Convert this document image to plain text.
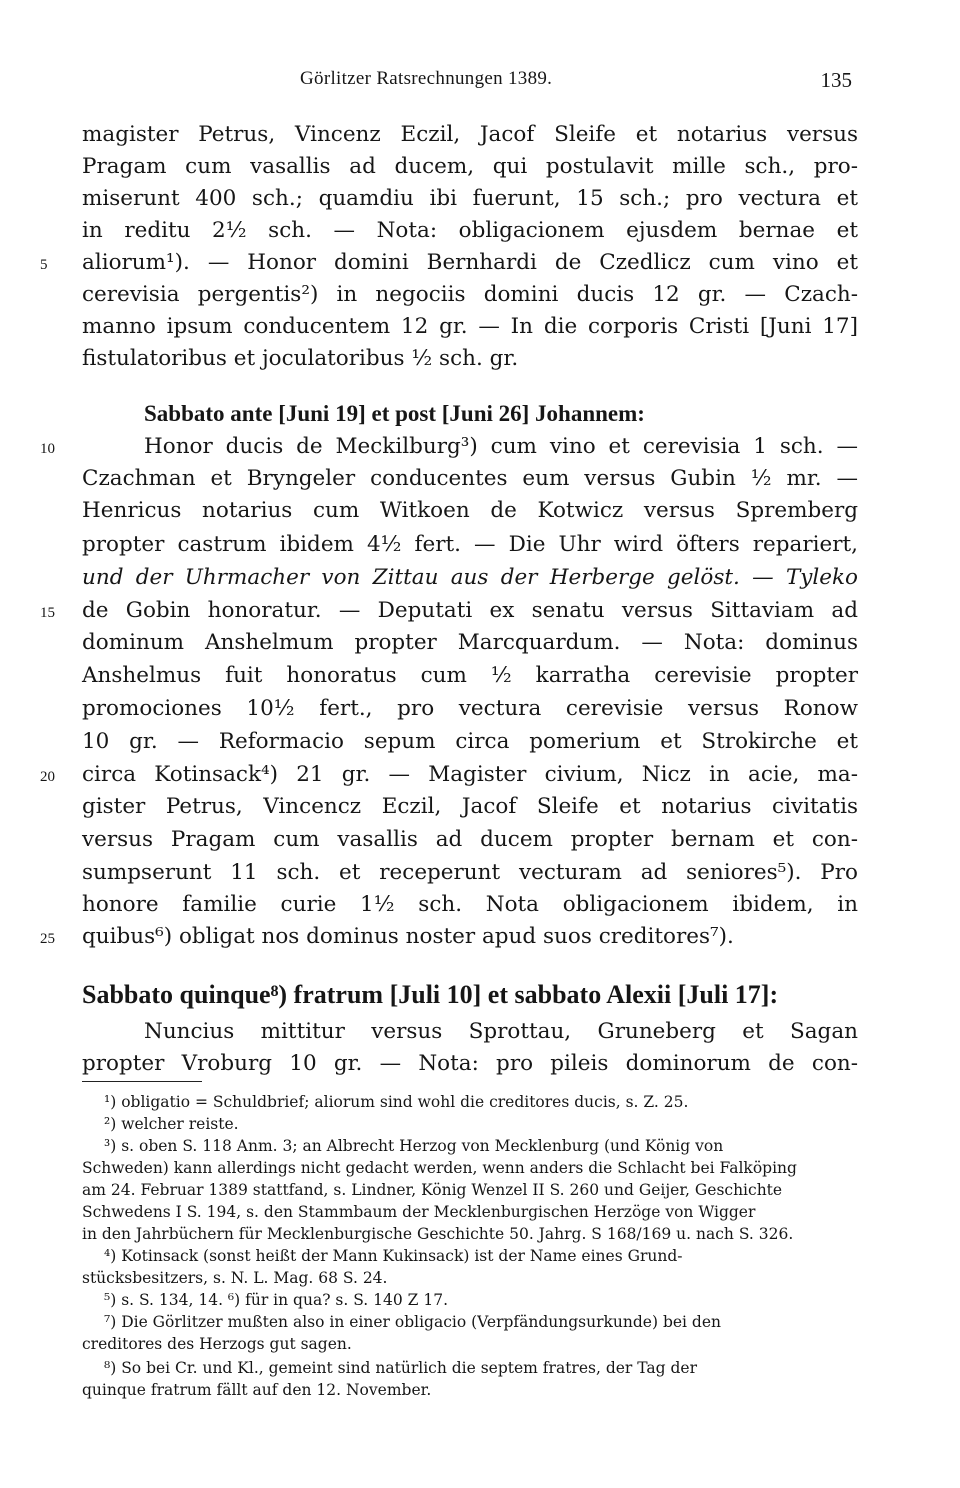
Görlitzer Ratsrechnungen 1389.	135
magister Petrus, Vincenz Eczil, Jacof Sleife et notarius versus
Pragam cum vasallis ad ducem, qui postulavit mille sch., pro-
miserunt 400 sch.; quamdiu ibi fuerunt, 15 sch.; pro vectura et
in reditu 2½ sch. — Nota: obligacionem ejusdem bernae et
aliorum¹). — Honor domini Bernhardi de Czedlicz cum vino et
cerevisia pergentis²) in negociis domini ducis 12 gr. — Czach-
manno ipsum conducentem 12 gr. — In die corporis Cristi [Juni 17]
fistulatoribus et joculatoribus ½ sch. gr.
Sabbato ante [Juni 19] et post [Juni 26] Johannem:
Honor ducis de Meckilburg³) cum vino et cerevisia 1 sch. —
Czachman et Bryngeler conducentes eum versus Gubin ½ mr. —
Henricus notarius cum Witkoen de Kotwicz versus Spremberg
propter castrum ibidem 4½ fert. — Die Uhr wird öfters repariert,
und der Uhrmacher von Zittau aus der Herberge gelöst. — Tyleko
de Gobin honoratur. — Deputati ex senatu versus Sittaviam ad
dominum Anshelmum propter Marcquardum. — Nota: dominus
Anshelmus fuit honoratus cum ½ karratha cerevisie propter
promociones 10½ fert., pro vectura cerevisie versus Ronow
10 gr. — Reformacio sepum circa pomerium et Strokirche et
circa Kotinsack⁴) 21 gr. — Magister civium, Nicz in acie, ma-
gister Petrus, Vincencz Eczil, Jacof Sleife et notarius civitatis
versus Pragam cum vasallis ad ducem propter bernam et con-
sumpserunt 11 sch. et receperunt vecturam ad seniores⁵). Pro
honore familie curie 1½ sch. Nota obligacionem ibidem, in
quibus⁶) obligat nos dominus noster apud suos creditores⁷).
Sabbato quinque⁸) fratrum [Juli 10] et sabbato Alexii [Juli 17]:
Nuncius mittitur versus Sprottau, Gruneberg et Sagan
propter Vroburg 10 gr. — Nota: pro pileis dominorum de con-
5
10
15
20
25
¹) obligatio = Schuldbrief; aliorum sind wohl die creditores ducis, s. Z. 25.
²) welcher reiste.
³) s. oben S. 118 Anm. 3; an Albrecht Herzog von Mecklenburg (und König von
Schweden) kann allerdings nicht gedacht werden, wenn anders die Schlacht bei Falköping
am 24. Februar 1389 stattfand, s. Lindner, König Wenzel II S. 260 und Geijer, Geschichte
Schwedens I S. 194, s. den Stammbaum der Mecklenburgischen Herzöge von Wigger
in den Jahrbüchern für Mecklenburgische Geschichte 50. Jahrg. S 168/169 u. nach S. 326.
⁴) Kotinsack (sonst heißt der Mann Kukinsack) ist der Name eines Grund-
stücksbesitzers, s. N. L. Mag. 68 S. 24.
⁵) s. S. 134, 14. ⁶) für in qua? s. S. 140 Z 17.
⁷) Die Görlitzer mußten also in einer obligacio (Verpfändungsurkunde) bei den
creditores des Herzogs gut sagen.
⁸) So bei Cr. und Kl., gemeint sind natürlich die septem fratres, der Tag der
quinque fratrum fällt auf den 12. November.
